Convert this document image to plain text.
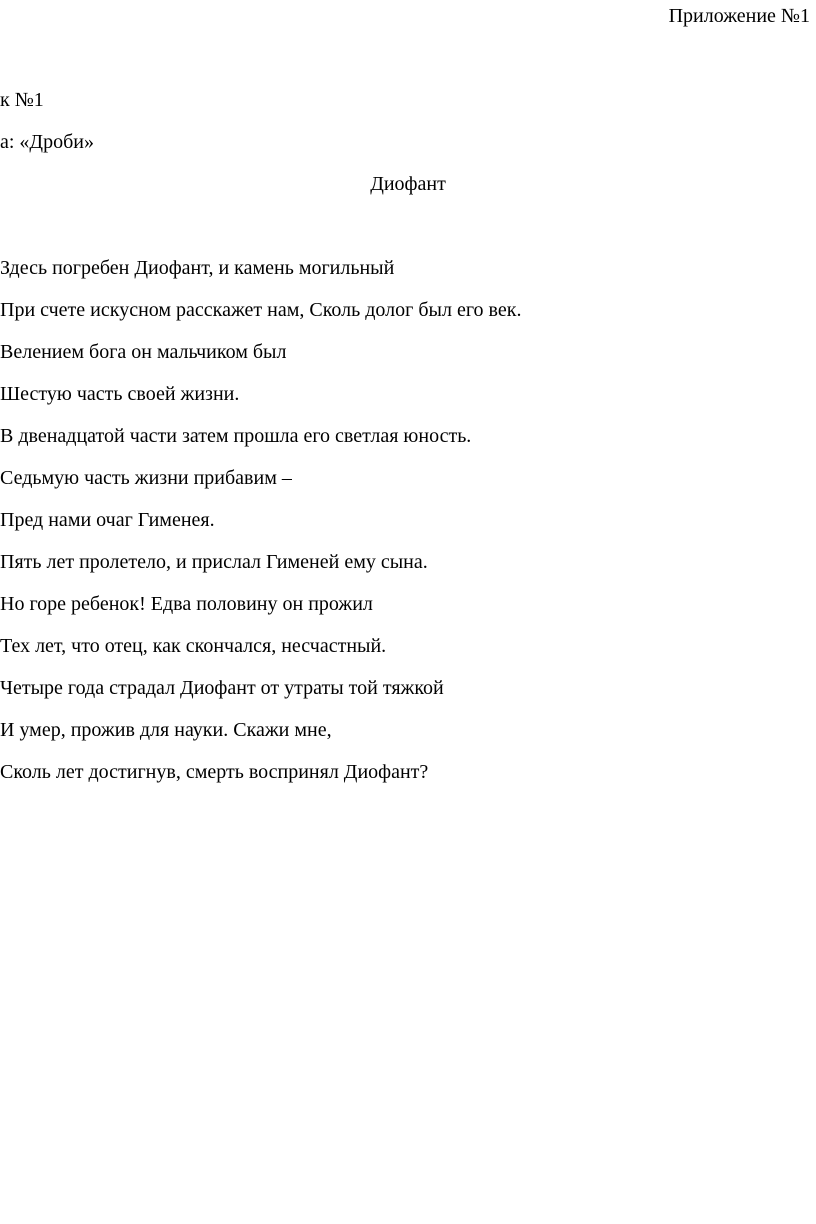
Приложение №1
к №1
а: «Дроби»
Диофант
Здесь погребен Диофант, и камень могильный
При счете искусном расскажет нам, Сколь долог был его век.
Велением бога он мальчиком был
Шестую часть своей жизни.
В двенадцатой части затем прошла его светлая юность.
Седьмую часть жизни прибавим –
Пред нами очаг Гименея.
Пять лет пролетело, и прислал Гименей ему сына.
Но горе ребенок! Едва половину он прожил
Тех лет, что отец, как скончался, несчастный.
Четыре года страдал Диофант от утраты той тяжкой
И умер, прожив для науки. Скажи мне,
Сколь лет достигнув, смерть воспринял Диофант?
